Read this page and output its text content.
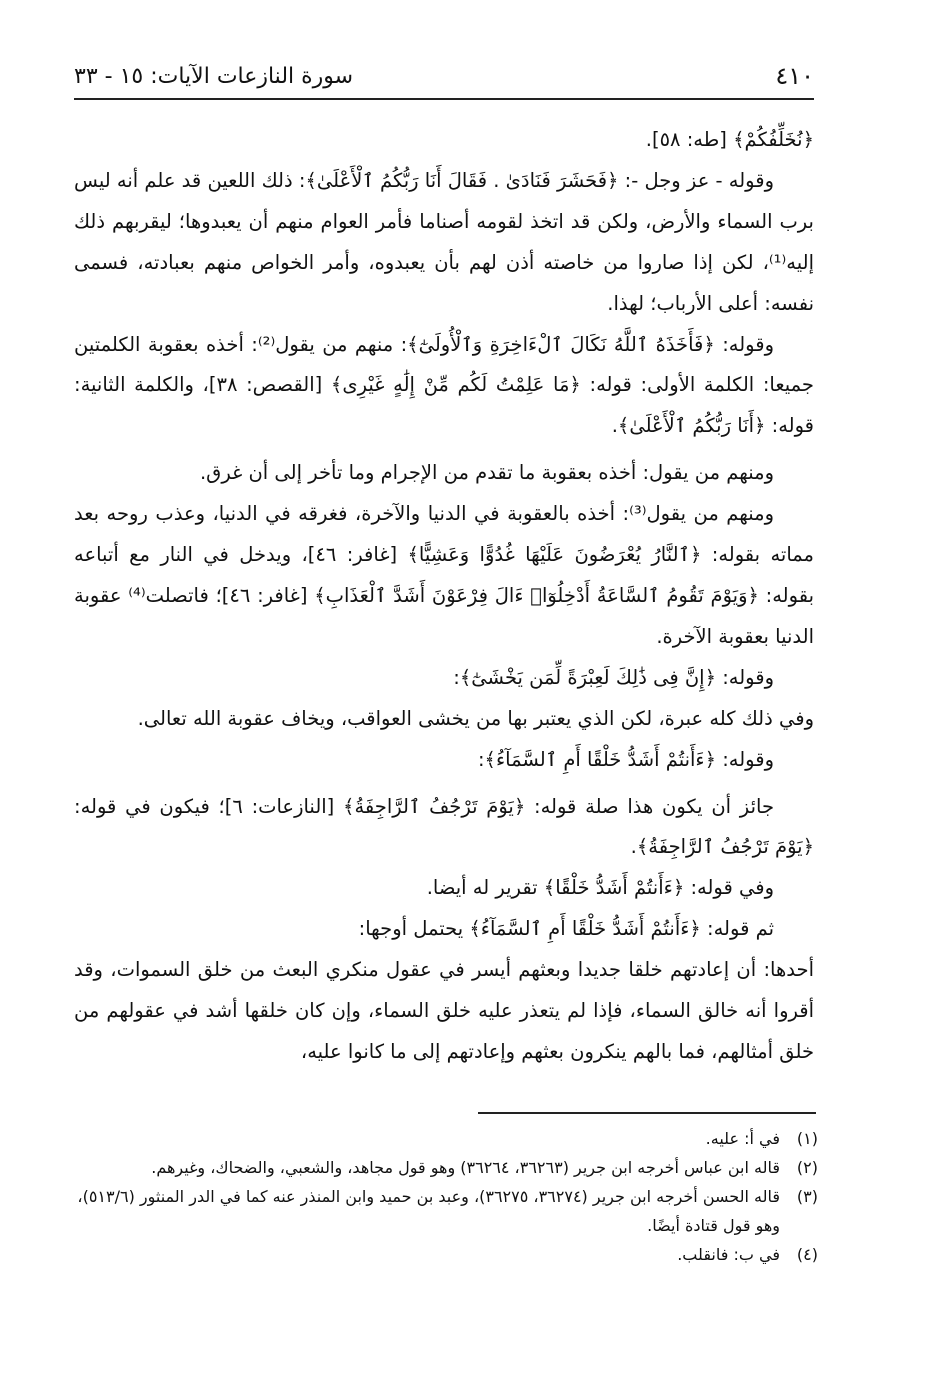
٤١٠
سورة النازعات الآيات: ١٥ - ٣٣

﴿نُخَلِّفُكُمْ﴾ [طه: ٥٨].

وقوله - عز وجل -: ﴿فَحَشَرَ فَنَادَىٰ . فَقَالَ أَنَا رَبُّكُمُ ٱلْأَعْلَىٰ﴾: ذلك اللعين قد علم أنه ليس برب السماء والأرض، ولكن قد اتخذ لقومه أصناما فأمر العوام منهم أن يعبدوها؛ ليقربهم ذلك إليه⁽¹⁾، لكن إذا صاروا من خاصته أذن لهم بأن يعبدوه، وأمر الخواص منهم بعبادته، فسمى نفسه: أعلى الأرباب؛ لهذا.

وقوله: ﴿فَأَخَذَهُ ٱللَّهُ نَكَالَ ٱلْءَاخِرَةِ وَٱلْأُولَىٰٓ﴾: منهم من يقول⁽²⁾: أخذه بعقوبة الكلمتين جميعا: الكلمة الأولى: قوله: ﴿مَا عَلِمْتُ لَكُم مِّنْ إِلَٰهٍ غَيْرِى﴾ [القصص: ٣٨]، والكلمة الثانية: قوله: ﴿أَنَا رَبُّكُمُ ٱلْأَعْلَىٰ﴾.

ومنهم من يقول: أخذه بعقوبة ما تقدم من الإجرام وما تأخر إلى أن غرق.

ومنهم من يقول⁽³⁾: أخذه بالعقوبة في الدنيا والآخرة، فغرقه في الدنيا، وعذب روحه بعد مماته بقوله: ﴿ٱلنَّارُ يُعْرَضُونَ عَلَيْهَا غُدُوًّا وَعَشِيًّا﴾ [غافر: ٤٦]، ويدخل في النار مع أتباعه بقوله: ﴿وَيَوْمَ تَقُومُ ٱلسَّاعَةُ أَدْخِلُوٓا۟ ءَالَ فِرْعَوْنَ أَشَدَّ ٱلْعَذَابِ﴾ [غافر: ٤٦]؛ فاتصلت⁽⁴⁾ عقوبة الدنيا بعقوبة الآخرة.

وقوله: ﴿إِنَّ فِى ذَٰلِكَ لَعِبْرَةً لِّمَن يَخْشَىٰٓ﴾:

وفي ذلك كله عبرة، لكن الذي يعتبر بها من يخشى العواقب، ويخاف عقوبة الله تعالى.

وقوله: ﴿ءَأَنتُمْ أَشَدُّ خَلْقًا أَمِ ٱلسَّمَآءُ﴾:

جائز أن يكون هذا صلة قوله: ﴿يَوْمَ تَرْجُفُ ٱلرَّاجِفَةُ﴾ [النازعات: ٦]؛ فيكون في قوله: ﴿يَوْمَ تَرْجُفُ ٱلرَّاجِفَةُ﴾.

وفي قوله: ﴿ءَأَنتُمْ أَشَدُّ خَلْقًا﴾ تقرير له أيضا.

ثم قوله: ﴿ءَأَنتُمْ أَشَدُّ خَلْقًا أَمِ ٱلسَّمَآءُ﴾ يحتمل أوجها:

أحدها: أن إعادتهم خلقا جديدا وبعثهم أيسر في عقول منكري البعث من خلق السموات، وقد أقروا أنه خالق السماء، فإذا لم يتعذر عليه خلق السماء، وإن كان خلقها أشد في عقولهم من خلق أمثالهم، فما بالهم ينكرون بعثهم وإعادتهم إلى ما كانوا عليه،

(١)
في أ: عليه.

(٢)
قاله ابن عباس أخرجه ابن جرير (٣٦٢٦٣، ٣٦٢٦٤) وهو قول مجاهد، والشعبي، والضحاك، وغيرهم.

(٣)
قاله الحسن أخرجه ابن جرير (٣٦٢٧٤، ٣٦٢٧٥)، وعبد بن حميد وابن المنذر عنه كما في الدر المنثور (٥١٣/٦)، وهو قول قتادة أيضًا.

(٤)
في ب: فانقلب.
